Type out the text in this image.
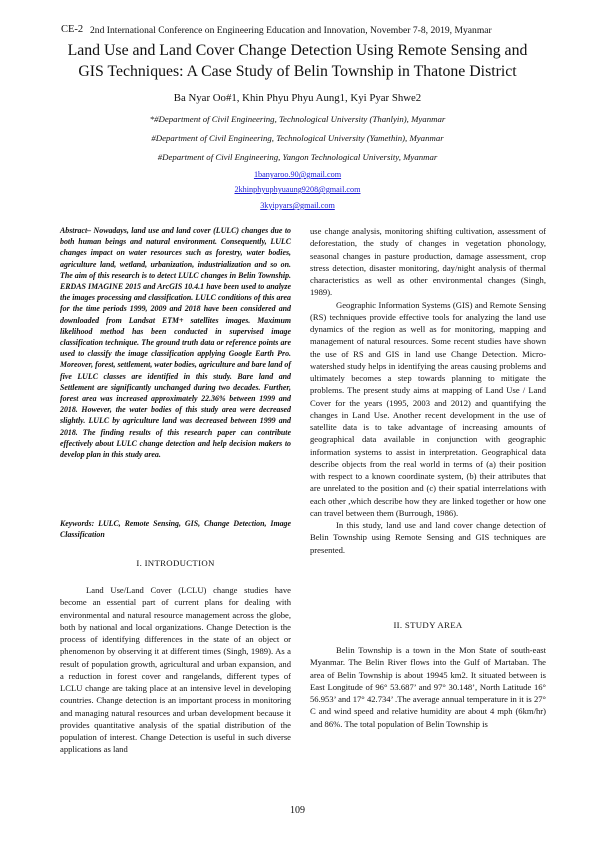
CE-2 2nd International Conference on Engineering Education and Innovation, November 7-8, 2019, Myanmar
Land Use and Land Cover Change Detection Using Remote Sensing and
GIS Techniques: A Case Study of Belin Township in Thatone District
Ba Nyar Oo#1, Khin Phyu Phyu Aung1, Kyi Pyar Shwe2
*#Department of Civil Engineering, Technological University (Thanlyin), Myanmar
#Department of Civil Engineering, Technological University (Yamethin), Myanmar
#Department of Civil Engineering, Yangon Technological University, Myanmar
1banyaroo.90@gmail.com
2khinphyuphyuaung9208@gmail.com
3kyipyars@gmail.com

Abstract– Nowadays, land use and land cover (LULC) changes due to both human beings and natural environment. Consequently, LULC changes impact on water resources such as forestry, water bodies, agriculture land, wetland, urbanization, industrialization and so on. The aim of this research is to detect LULC changes in Belin Township. ERDAS IMAGINE 2015 and ArcGIS 10.4.1 have been used to analyze the images processing and classification. LULC conditions of this area for the time periods 1999, 2009 and 2018 have been considered and downloaded from Landsat ETM+ satellites images. Maximum likelihood method has been conducted in supervised image classification technique. The ground truth data or reference points are used to classify the image classification applying Google Earth Pro. Moreover, forest, settlement, water bodies, agriculture and bare land of five LULC classes are identified in this study. Bare land and Settlement are significantly unchanged during two decades. Further, forest area was increased approximately 22.36% between 1999 and 2018. However, the water bodies of this study area were decreased slightly. LULC by agriculture land was decreased between 1999 and 2018. The finding results of this research paper can contribute effectively about LULC change detection and help decision makers to develop plan in this study area.

Keywords: LULC, Remote Sensing, GIS, Change Detection, Image Classification

I. INTRODUCTION

Land Use/Land Cover (LCLU) change studies have become an essential part of current plans for dealing with environmental and natural resource management across the globe, both by national and local organizations. Change Detection is the process of identifying differences in the state of an object or phenomenon by observing it at different times (Singh, 1989). As a result of population growth, agricultural and urban expansion, and a reduction in forest cover and rangelands, different types of LCLU change are taking place at an intensive level in developing countries. Change detection is an important process in monitoring and managing natural resources and urban development because it provides quantitative analysis of the spatial distribution of the population of interest. Change Detection is useful in such diverse applications as land

use change analysis, monitoring shifting cultivation, assessment of deforestation, the study of changes in vegetation phonology, seasonal changes in pasture production, damage assessment, crop stress detection, disaster monitoring, day/night analysis of thermal characteristics as well as other environmental changes (Singh, 1989).

Geographic Information Systems (GIS) and Remote Sensing (RS) techniques provide effective tools for analyzing the land use dynamics of the region as well as for monitoring, mapping and management of natural resources. Some recent studies have shown the use of RS and GIS in land use Change Detection. Micro-watershed study helps in identifying the areas causing problems and ultimately becomes a step towards planning to mitigate the problems. The present study aims at mapping of Land Use / Land Cover for the years (1995, 2003 and 2012) and quantifying the changes in Land Use. Another recent development in the use of satellite data is to take advantage of increasing amounts of geographical data available in conjunction with geographic information systems to assist in interpretation. Geographical data describe objects from the real world in terms of (a) their position with respect to a known coordinate system, (b) their attributes that are unrelated to the position and (c) their spatial interrelations with each other ,which describe how they are linked together or how one can travel between them (Burrough, 1986).

In this study, land use and land cover change detection of Belin Township using Remote Sensing and GIS techniques are presented.

II. STUDY AREA

Belin Township is a town in the Mon State of south-east Myanmar. The Belin River flows into the Gulf of Martaban. The area of Belin Township is about 19945 km2. It situated between is East Longitude of 96° 53.687’ and 97° 30.148’, North Latitude 16° 56.953’ and 17° 42.734’ .The average annual temperature in it is 27° C and wind speed and relative humidity are about 4 mph (6km/hr) and 86%. The total population of Belin Township is

109
